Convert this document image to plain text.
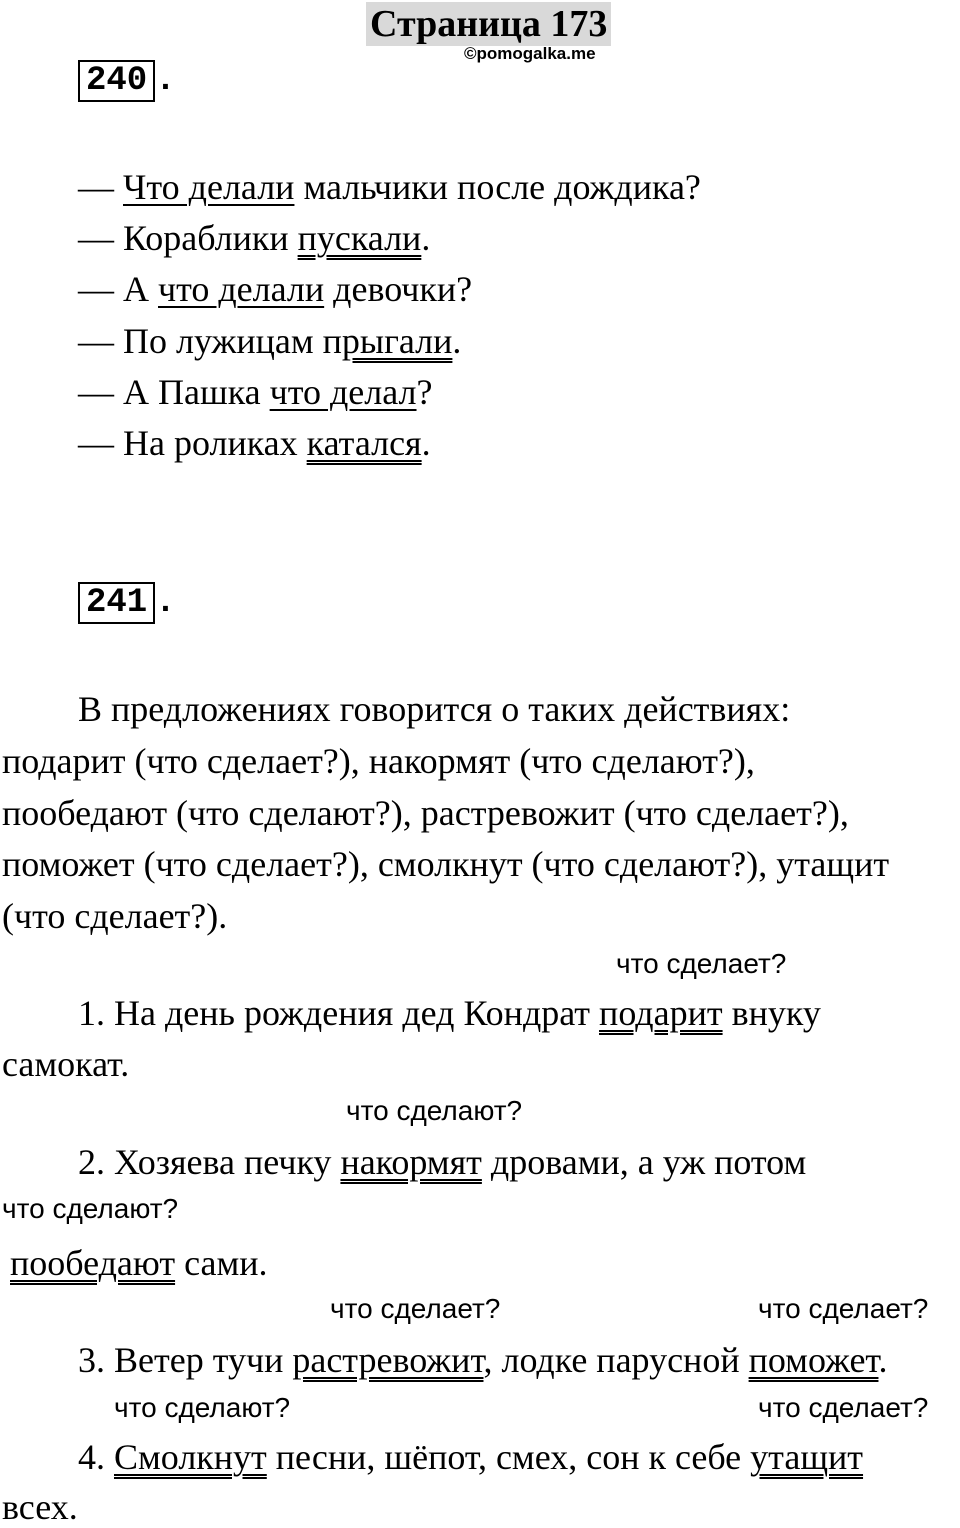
Страница 173
©pomogalka.me
240 .
— Что делали мальчики после дождика?
— Кораблики пускали.
— А что делали девочки?
— По лужицам прыгали.
— А Пашка что делал?
— На роликах катался.
241 .
В предложениях говорится о таких действиях:
подарит (что сделает?), накормят (что сделают?),
пообедают (что сделают?), растревожит (что сделает?),
поможет (что сделает?), смолкнут (что сделают?), утащит
(что сделает?).
что сделает?
1. На день рождения дед Кондрат подарит внуку
самокат.
что сделают?
2. Хозяева печку накормят дровами, а уж потом
что сделают?
пообедают сами.
что сделает?	что сделает?
3. Ветер тучи растревожит, лодке парусной поможет.
что сделают?	что сделает?
4. Смолкнут песни, шёпот, смех, сон к себе утащит
всех.
